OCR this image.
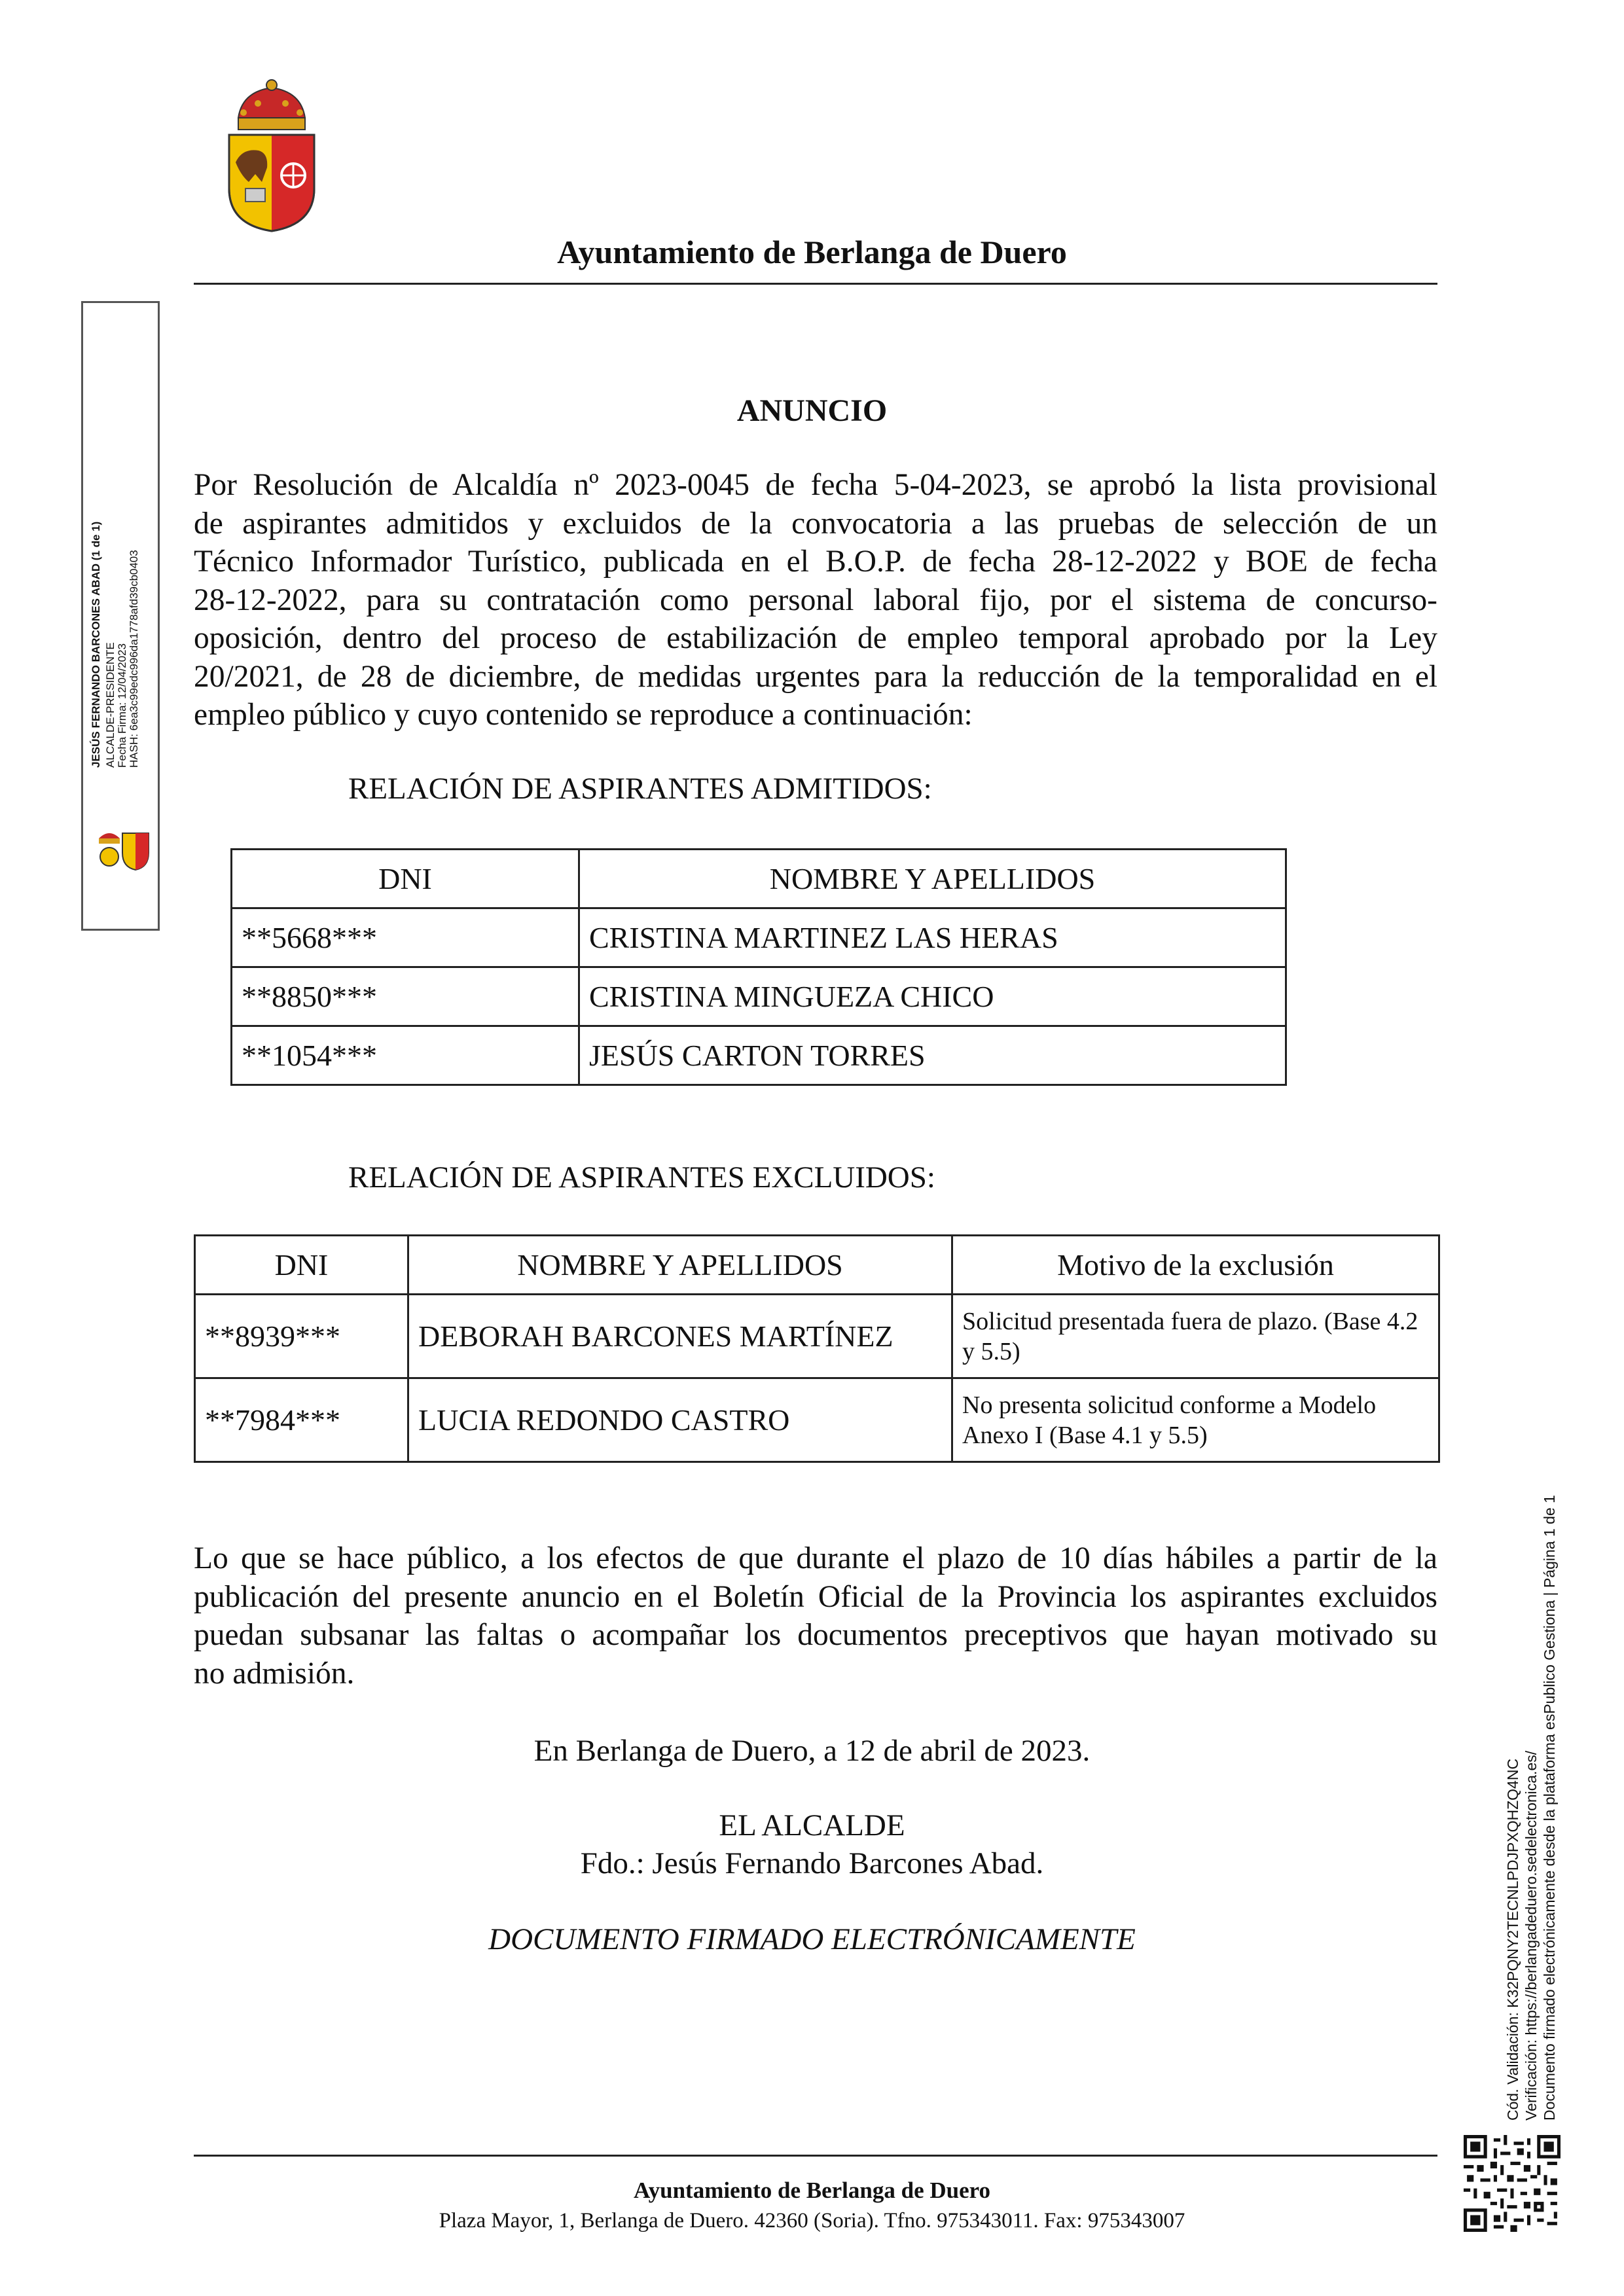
Ayuntamiento de Berlanga de Duero
JESÚS FERNANDO BARCONES ABAD (1 de 1) ALCALDE-PRESIDENTE Fecha Firma: 12/04/2023 HASH: 6ea3c99edc996da1778afd39cb0403
ANUNCIO
Por Resolución de Alcaldía nº 2023-0045 de fecha 5-04-2023, se aprobó la lista provisional
de aspirantes admitidos y excluidos de la convocatoria a las pruebas de selección de un
Técnico Informador Turístico, publicada en el B.O.P. de fecha 28-12-2022 y BOE de fecha
28-12-2022, para su contratación como personal laboral fijo, por el sistema de concurso-
oposición, dentro del proceso de estabilización de empleo temporal aprobado por la Ley
20/2021, de 28 de diciembre, de medidas urgentes para la reducción de la temporalidad en el
empleo público y cuyo contenido se reproduce a continuación:
RELACIÓN DE ASPIRANTES ADMITIDOS:
DNI	NOMBRE Y APELLIDOS
**5668***	CRISTINA MARTINEZ LAS HERAS
**8850***	CRISTINA MINGUEZA CHICO
**1054***	JESÚS CARTON TORRES
RELACIÓN DE ASPIRANTES EXCLUIDOS:
DNI	NOMBRE Y APELLIDOS	Motivo de la exclusión
**8939***	DEBORAH BARCONES MARTÍNEZ	Solicitud presentada fuera de plazo. (Base 4.2 y 5.5)
**7984***	LUCIA REDONDO CASTRO	No presenta solicitud conforme a Modelo Anexo I (Base 4.1 y 5.5)
Lo que se hace público, a los efectos de que durante el plazo de 10 días hábiles a partir de la
publicación del presente anuncio en el Boletín Oficial de la Provincia los aspirantes excluidos
puedan subsanar las faltas o acompañar los documentos preceptivos que hayan motivado su
no admisión.
En Berlanga de Duero, a 12 de abril de 2023.
EL ALCALDE
Fdo.: Jesús Fernando Barcones Abad.
DOCUMENTO FIRMADO ELECTRÓNICAMENTE	Cód. Validación: K32PQNY2TECNLPDJPXQHZQ4NC Verificación: https://berlangadeduero.sedelectronica.es/ Documento firmado electrónicamente desde la plataforma esPublico Gestiona | Página 1 de 1
Ayuntamiento de Berlanga de Duero
Plaza Mayor, 1, Berlanga de Duero. 42360 (Soria). Tfno. 975343011. Fax: 975343007
